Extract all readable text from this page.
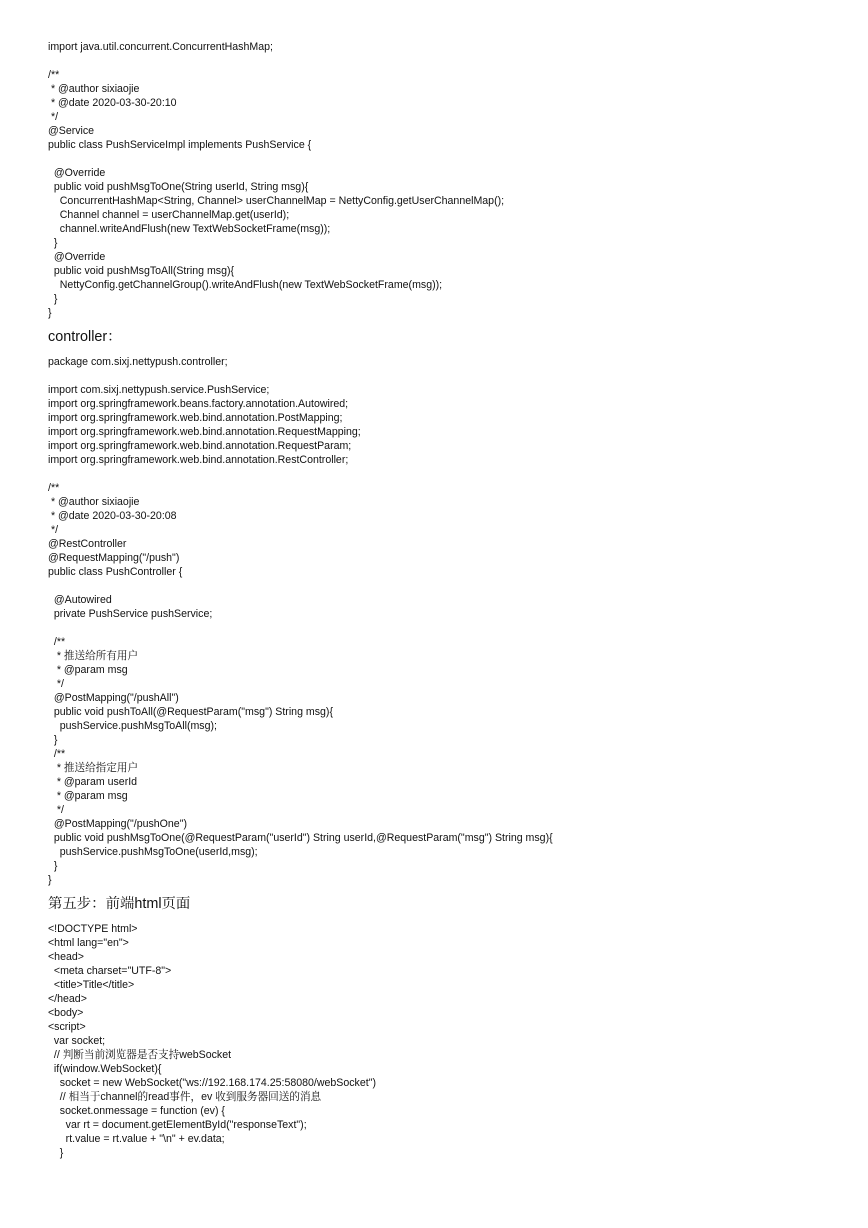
import java.util.concurrent.ConcurrentHashMap;
/**
* @author sixiaojie
* @date 2020-03-30-20:10
*/
@Service
public class PushServiceImpl implements PushService {
@Override
public void pushMsgToOne(String userId, String msg){
ConcurrentHashMap<String, Channel> userChannelMap = NettyConfig.getUserChannelMap();
Channel channel = userChannelMap.get(userId);
channel.writeAndFlush(new TextWebSocketFrame(msg));
}
@Override
public void pushMsgToAll(String msg){
NettyConfig.getChannelGroup().writeAndFlush(new TextWebSocketFrame(msg));
}
}
controller：
package com.sixj.nettypush.controller;
import com.sixj.nettypush.service.PushService;
import org.springframework.beans.factory.annotation.Autowired;
import org.springframework.web.bind.annotation.PostMapping;
import org.springframework.web.bind.annotation.RequestMapping;
import org.springframework.web.bind.annotation.RequestParam;
import org.springframework.web.bind.annotation.RestController;
/**
* @author sixiaojie
* @date 2020-03-30-20:08
*/
@RestController
@RequestMapping("/push")
public class PushController {
@Autowired
private PushService pushService;
/**
* 推送给所有用户
* @param msg
*/
@PostMapping("/pushAll")
public void pushToAll(@RequestParam("msg") String msg){
pushService.pushMsgToAll(msg);
}
/**
* 推送给指定用户
* @param userId
* @param msg
*/
@PostMapping("/pushOne")
public void pushMsgToOne(@RequestParam("userId") String userId,@RequestParam("msg") String msg){
pushService.pushMsgToOne(userId,msg);
}
}
第五步：前端html页面
<!DOCTYPE html>
<html lang="en">
<head>
<meta charset="UTF-8">
<title>Title</title>
</head>
<body>
<script>
var socket;
// 判断当前浏览器是否支持webSocket
if(window.WebSocket){
socket = new WebSocket("ws://192.168.174.25:58080/webSocket")
// 相当于channel的read事件，ev 收到服务器回送的消息
socket.onmessage = function (ev) {
var rt = document.getElementById("responseText");
rt.value = rt.value + "\n" + ev.data;
}
